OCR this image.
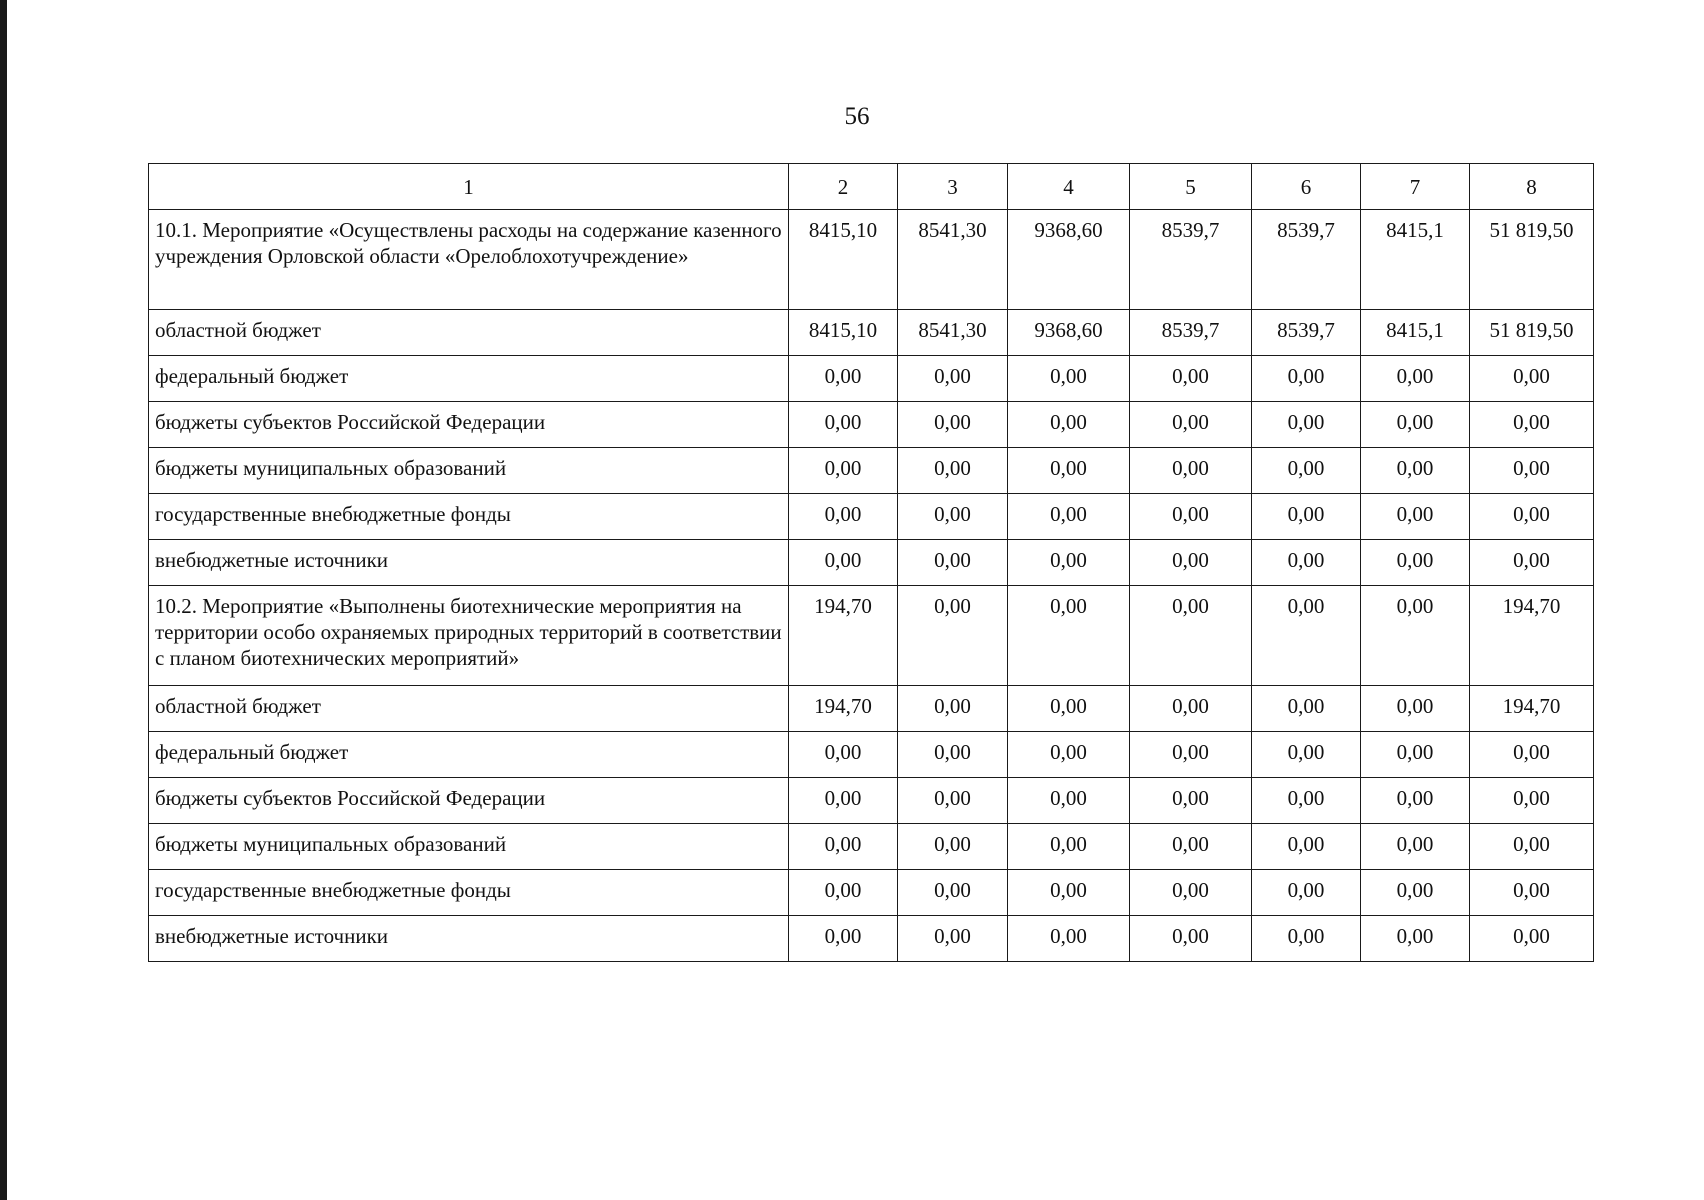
56
1	2	3	4	5	6	7	8
10.1. Мероприятие «Осуществлены расходы на содержание казенного учреждения Орловской области «Орелоблохотучреждение»	8415,10	8541,30	9368,60	8539,7	8539,7	8415,1	51 819,50
областной бюджет	8415,10	8541,30	9368,60	8539,7	8539,7	8415,1	51 819,50
федеральный бюджет	0,00	0,00	0,00	0,00	0,00	0,00	0,00
бюджеты субъектов Российской Федерации	0,00	0,00	0,00	0,00	0,00	0,00	0,00
бюджеты муниципальных образований	0,00	0,00	0,00	0,00	0,00	0,00	0,00
государственные внебюджетные фонды	0,00	0,00	0,00	0,00	0,00	0,00	0,00
внебюджетные источники	0,00	0,00	0,00	0,00	0,00	0,00	0,00
10.2. Мероприятие «Выполнены биотехнические мероприятия на территории особо охраняемых природных территорий в соответствии с планом биотехнических мероприятий»	194,70	0,00	0,00	0,00	0,00	0,00	194,70
областной бюджет	194,70	0,00	0,00	0,00	0,00	0,00	194,70
федеральный бюджет	0,00	0,00	0,00	0,00	0,00	0,00	0,00
бюджеты субъектов Российской Федерации	0,00	0,00	0,00	0,00	0,00	0,00	0,00
бюджеты муниципальных образований	0,00	0,00	0,00	0,00	0,00	0,00	0,00
государственные внебюджетные фонды	0,00	0,00	0,00	0,00	0,00	0,00	0,00
внебюджетные источники	0,00	0,00	0,00	0,00	0,00	0,00	0,00
